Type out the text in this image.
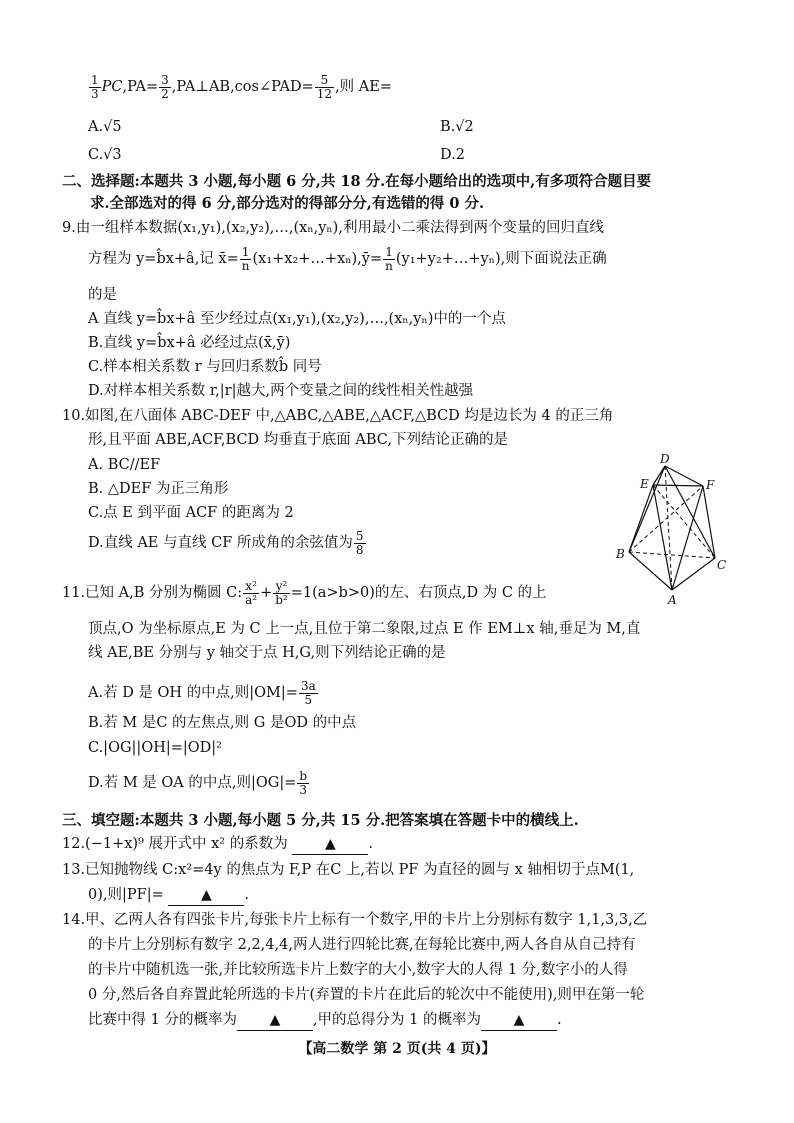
$\frac{1}{3} PC,PA= \frac{3}{2}$ ,PA⊥AB,cos∠PAD= $\frac{5}{12}$ ,则 AE=
A.√5	B.√2
C.√3	D.2
二、选择题:本题共 3 小题,每小题 6 分,共 18 分.在每小题给出的选项中,有多项符合题目要
求.全部选对的得 6 分,部分选对的得部分分,有选错的得 0 分.
9.由一组样本数据(x₁,y₁),(x₂,y₂),…,(xₙ,yₙ),利用最小二乘法得到两个变量的回归直线
方程为 y=b̂x+â,记 x̄= $\frac{1}{n}$ (x₁+x₂+…+xₙ),ȳ= $\frac{1}{n}$ (y₁+y₂+…+yₙ),则下面说法正确
的是
A 直线 y=b̂x+â 至少经过点(x₁,y₁),(x₂,y₂),…,(xₙ,yₙ)中的一个点
B.直线 y=b̂x+â 必经过点(x̄,ȳ)
C.样本相关系数 r 与回归系数b̂ 同号
D.对样本相关系数 r,|r|越大,两个变量之间的线性相关性越强
10.如图,在八面体 ABC-DEF 中,△ABC,△ABE,△ACF,△BCD 均是边长为 4 的正三角
形,且平面 ABE,ACF,BCD 均垂直于底面 ABC,下列结论正确的是
A. BC//EF
B. △DEF 为正三角形
C.点 E 到平面 ACF 的距离为 2
D.直线 AE 与直线 CF 所成角的余弦值为 $\frac{5}{8}$
D
E	F
B
C
A
11.已知 A,B 分别为椭圆 C: $\frac{\text{x²}}{\text{a²}} + \frac{\text{y²}}{\text{b²}} =1(a>b>0)$的左、右顶点,D 为 C 的上
顶点,O 为坐标原点,E 为 C 上一点,且位于第二象限,过点 E 作 EM⊥x 轴,垂足为 M,直
线 AE,BE 分别与 y 轴交于点 H,G,则下列结论正确的是
A.若 D 是 OH 的中点,则$|OM|= \frac{3a}{5}$
B.若 M 是C 的左焦点,则 G 是OD 的中点
C.|OG||OH|=|OD|²
D.若 M 是 OA 的中点,则$|OG|= \frac{b}{3}$
三、填空题:本题共 3 小题,每小题 5 分,共 15 分.把答案填在答题卡中的横线上.
12.(−1+x)⁹ 展开式中 x² 的系数为	▲ .
13.已知抛物线 C:x²=4y 的焦点为 F,P 在C 上,若以 PF 为直径的圆与 x 轴相切于点M(1,
0),则|PF|=	▲ .
14.甲、乙两人各有四张卡片,每张卡片上标有一个数字,甲的卡片上分别标有数字 1,1,3,3,乙
的卡片上分别标有数字 2,2,4,4,两人进行四轮比赛,在每轮比赛中,两人各自从自己持有
的卡片中随机选一张,并比较所选卡片上数字的大小,数字大的人得 1 分,数字小的人得
0 分,然后各自弃置此轮所选的卡片(弃置的卡片在此后的轮次中不能使用),则甲在第一轮
比赛中得 1 分的概率为 ▲ ,甲的总得分为 1 的概率为 ▲ .
【高二数学 第 2 页(共 4 页)】
